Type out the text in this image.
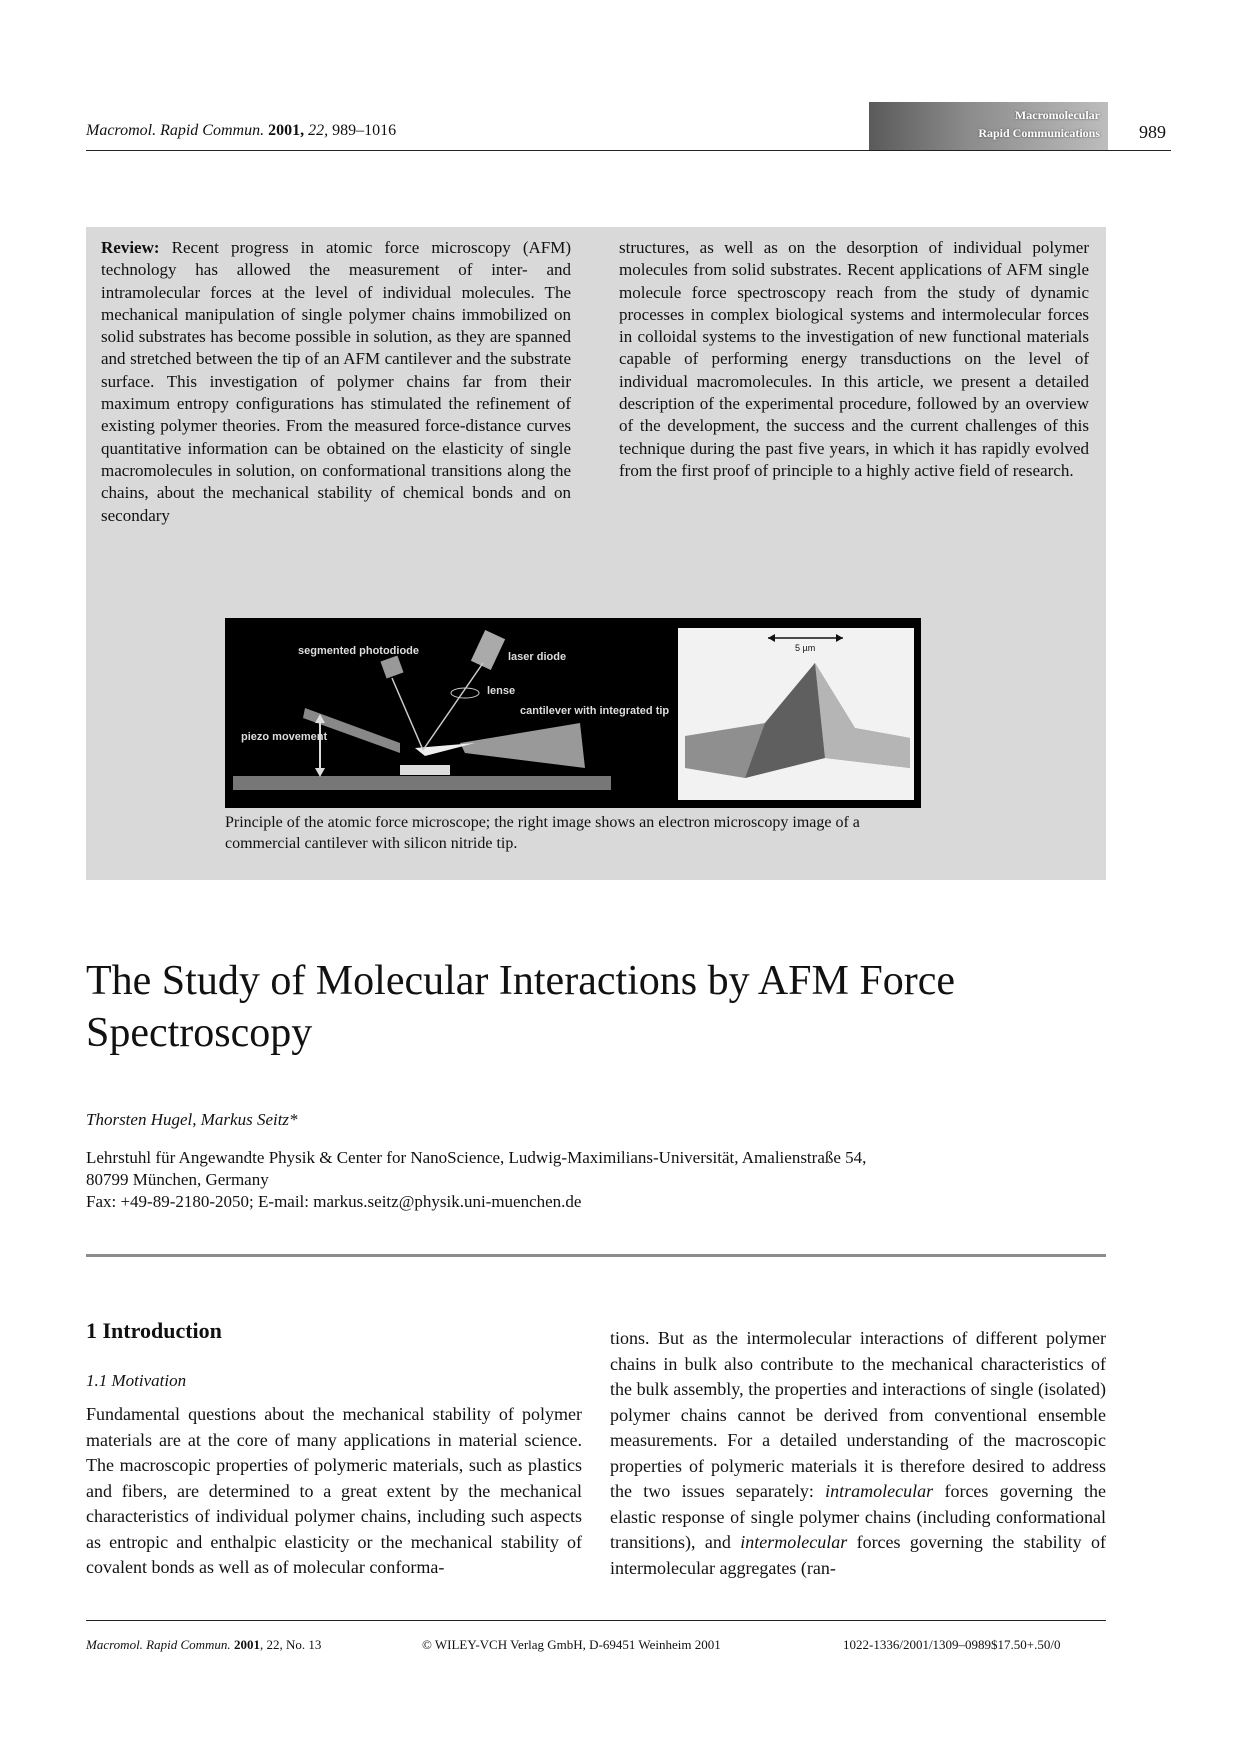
Macromol. Rapid Commun. 2001, 22, 989–1016
Macromolecular
Rapid Communications 989
Review: Recent progress in atomic force microscopy (AFM) technology has allowed the measurement of inter- and intramolecular forces at the level of individual molecules. The mechanical manipulation of single polymer chains immobilized on solid substrates has become possible in solution, as they are spanned and stretched between the tip of an AFM cantilever and the substrate surface. This investigation of polymer chains far from their maximum entropy configurations has stimulated the refinement of existing polymer theories. From the measured force-distance curves quantitative information can be obtained on the elasticity of single macromolecules in solution, on conformational transitions along the chains, about the mechanical stability of chemical bonds and on secondary
structures, as well as on the desorption of individual polymer molecules from solid substrates. Recent applications of AFM single molecule force spectroscopy reach from the study of dynamic processes in complex biological systems and intermolecular forces in colloidal systems to the investigation of new functional materials capable of performing energy transductions on the level of individual macromolecules. In this article, we present a detailed description of the experimental procedure, followed by an overview of the development, the success and the current challenges of this technique during the past five years, in which it has rapidly evolved from the first proof of principle to a highly active field of research.
segmented photodiode	laser diode
lense
cantilever with integrated tip
piezo movement
5 µm
Principle of the atomic force microscope; the right image shows an electron microscopy image of a commercial cantilever with silicon nitride tip.
The Study of Molecular Interactions by AFM Force Spectroscopy
Thorsten Hugel, Markus Seitz*
Lehrstuhl für Angewandte Physik & Center for NanoScience, Ludwig-Maximilians-Universität, Amalienstraße 54,
80799 München, Germany
Fax: +49-89-2180-2050; E-mail: markus.seitz@physik.uni-muenchen.de
1 Introduction
1.1 Motivation
Fundamental questions about the mechanical stability of polymer materials are at the core of many applications in material science. The macroscopic properties of polymeric materials, such as plastics and fibers, are determined to a great extent by the mechanical characteristics of individual polymer chains, including such aspects as entropic and enthalpic elasticity or the mechanical stability of covalent bonds as well as of molecular conforma-
tions. But as the intermolecular interactions of different polymer chains in bulk also contribute to the mechanical characteristics of the bulk assembly, the properties and interactions of single (isolated) polymer chains cannot be derived from conventional ensemble measurements. For a detailed understanding of the macroscopic properties of polymeric materials it is therefore desired to address the two issues separately: intramolecular forces governing the elastic response of single polymer chains (including conformational transitions), and intermolecular forces governing the stability of intermolecular aggregates (ran-
Macromol. Rapid Commun. 2001, 22, No. 13	© WILEY-VCH Verlag GmbH, D-69451 Weinheim 2001	1022-1336/2001/1309–0989$17.50+.50/0
